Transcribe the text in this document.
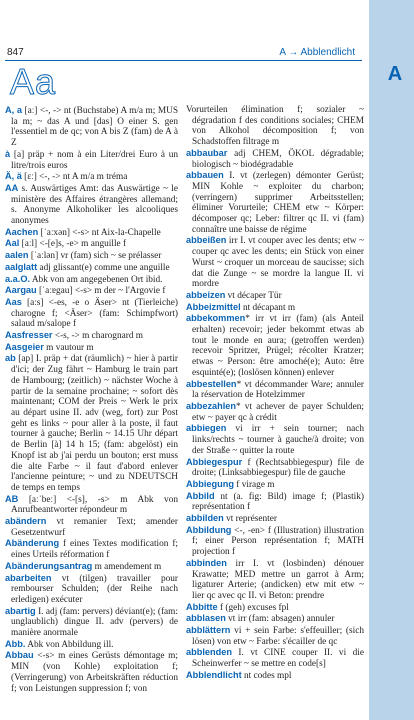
847	A → Abblendlicht
Aa	A

A, a [aː] <-, -> nt (Buchstabe) A m/a m; MUS la m; ~ das A und [das] O einer S. gen l'essentiel m de qc; von A bis Z (fam) de A à Z

à [a] präp + nom à ein Liter/drei Euro à un litre/trois euros

Ä, ä [ɛː] <-, -> nt A m/a m tréma

AA s. Auswärtiges Amt: das Auswärtige ~ le ministère des Affaires étrangères allemand; s. Anonyme Alkoholiker les alcooliques anonymes

Aachen [ˈaːxən] <-s> nt Aix-la-Chapelle

Aal [aːl] <-[e]s, -e> m anguille f

aalen [ˈaːlən] vr (fam) sich ~ se prélasser

aalglatt adj glissant(e) comme une anguille

a.a.O. Abk von am angegebenen Ort ibid.

Aargau [ˈaːɐgau] <-s> m der ~ l'Argovie f

Aas [aːs] <-es, -e o Äser> nt (Tierleiche) charogne f; <Äser> (fam: Schimpfwort) salaud m/salope f

Aasfresser <-s, -> m charognard m

Aasgeier m vautour m

ab [ap] I. präp + dat (räumlich) ~ hier à partir d'ici; der Zug fährt ~ Hamburg le train part de Hambourg; (zeitlich) ~ nächster Woche à partir de la semaine prochaine; ~ sofort dès maintenant; COM der Preis ~ Werk le prix au départ usine II. adv (weg, fort) zur Post geht es links ~ pour aller à la poste, il faut tourner à gauche; Berlin ~ 14.15 Uhr départ de Berlin [à] 14 h 15; (fam: abgelöst) ein Knopf ist ab j'ai perdu un bouton; erst muss die alte Farbe ~ il faut d'abord enlever l'ancienne peinture; ~ und zu NDEUTSCH de temps en temps

AB [aːˈbeː] <-[s], -s> m Abk von Anrufbeantworter répondeur m

abändern vt remanier Text; amender Gesetzentwurf

Abänderung f eines Textes modification f; eines Urteils réformation f

Abänderungsantrag m amendement m

abarbeiten vt (tilgen) travailler pour rembourser Schulden; (der Reihe nach erledigen) exécuter

abartig I. adj (fam: pervers) déviant(e); (fam: unglaublich) dingue II. adv (pervers) de manière anormale

Abb. Abk von Abbildung ill.

Abbau <-s> m eines Gerüsts démontage m; MIN (von Kohle) exploitation f; (Verringerung) von Arbeitskräften réduction f; von Leistungen suppression f; von

Vorurteilen élimination f; sozialer ~ dégradation f des conditions sociales; CHEM von Alkohol décomposition f; von Schadstoffen filtrage m

abbaubar adj CHEM, ÖKOL dégradable; biologisch ~ biodégradable

abbauen I. vt (zerlegen) démonter Gerüst; MIN Kohle ~ exploiter du charbon; (verringern) supprimer Arbeitsstellen; éliminer Vorurteile; CHEM etw ~ Körper: décomposer qc; Leber: filtrer qc II. vi (fam) connaître une baisse de régime

abbeißen irr I. vt couper avec les dents; etw ~ couper qc avec les dents; ein Stück von einer Wurst ~ croquer un morceau de saucisse; sich dat die Zunge ~ se mordre la langue II. vi mordre

abbeizen vt décaper Tür

Abbeizmittel nt décapant m

abbekommen* irr vt irr (fam) (als Anteil erhalten) recevoir; jeder bekommt etwas ab tout le monde en aura; (getroffen werden) recevoir Spritzer, Prügel; récolter Kratzer; etwas ~ Person: être amoché(e); Auto: être esquinté(e); (loslösen können) enlever

abbestellen* vt décommander Ware; annuler la réservation de Hotelzimmer

abbezahlen* vt achever de payer Schulden; etw ~ payer qc à crédit

abbiegen vi irr + sein tourner; nach links/rechts ~ tourner à gauche/à droite; von der Straße ~ quitter la route

Abbiegespur f (Rechtsabbiegespur) file de droite; (Linksabbiegespur) file de gauche

Abbiegung f virage m

Abbild nt (a. fig: Bild) image f; (Plastik) représentation f

abbilden vt représenter

Abbildung <-, -en> f (Illustration) illustration f; einer Person représentation f; MATH projection f

abbinden irr I. vt (losbinden) dénouer Krawatte; MED mettre un garrot à Arm; ligaturer Arterie; (andicken) etw mit etw ~ lier qc avec qc II. vi Beton: prendre

Abbitte f (geh) excuses fpl

abblasen vt irr (fam: absagen) annuler

abblättern vi + sein Farbe: s'effeuiller; (sich lösen) von etw ~ Farbe: s'écailler de qc

abblenden I. vt CINE couper II. vi die Scheinwerfer ~ se mettre en code[s]

Abblendlicht nt codes mpl
